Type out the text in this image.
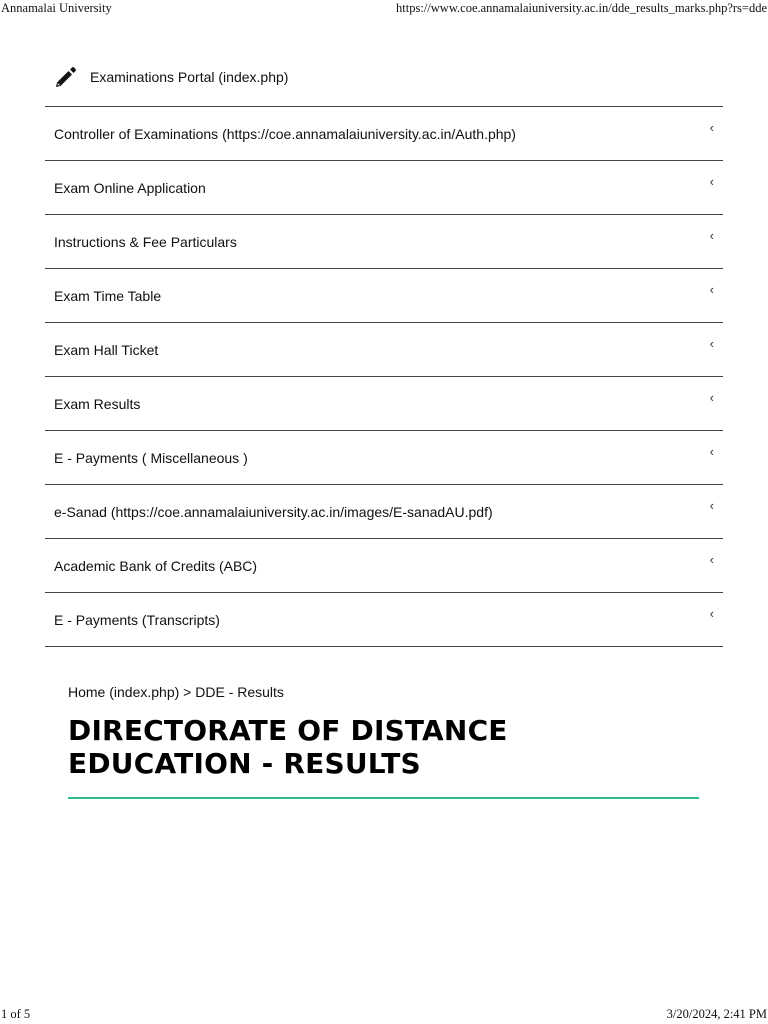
Annamalai University	https://www.coe.annamalaiuniversity.ac.in/dde_results_marks.php?rs=dde
Examinations Portal (index.php)
Controller of Examinations (https://coe.annamalaiuniversity.ac.in/Auth.php)	‹
Exam Online Application	‹
Instructions & Fee Particulars	‹
Exam Time Table	‹
Exam Hall Ticket	‹
Exam Results	‹
E - Payments ( Miscellaneous )	‹
e-Sanad (https://coe.annamalaiuniversity.ac.in/images/E-sanadAU.pdf)	‹
Academic Bank of Credits (ABC)	‹
E - Payments (Transcripts)	‹
Home (index.php) > DDE - Results
DIRECTORATE OF DISTANCE EDUCATION - RESULTS
1 of 5	3/20/2024, 2:41 PM
